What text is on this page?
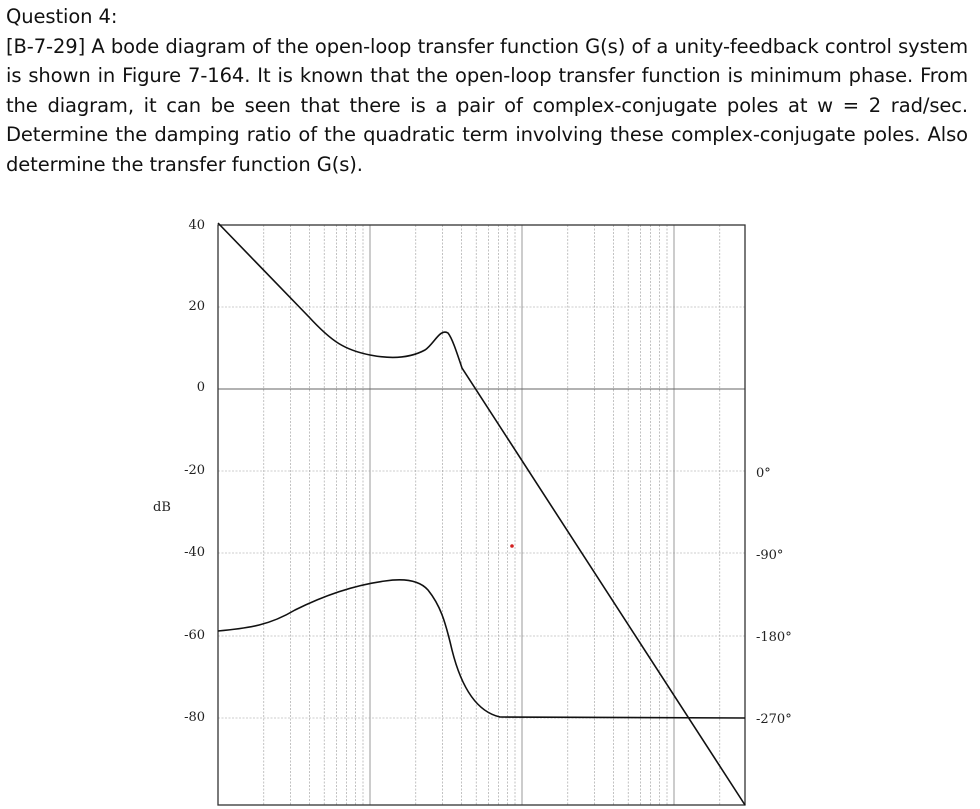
Question 4:
[B-7-29] A bode diagram of the open-loop transfer function G(s) of a unity-feedback control system is shown in Figure 7-164. It is known that the open-loop transfer function is minimum phase. From the diagram, it can be seen that there is a pair of complex-conjugate poles at w = 2 rad/sec. Determine the damping ratio of the quadratic term involving these complex-conjugate poles. Also determine the transfer function G(s).
40
20
0
-20
-40
-60
-80
dB
0°
-90°
-180°
-270°
